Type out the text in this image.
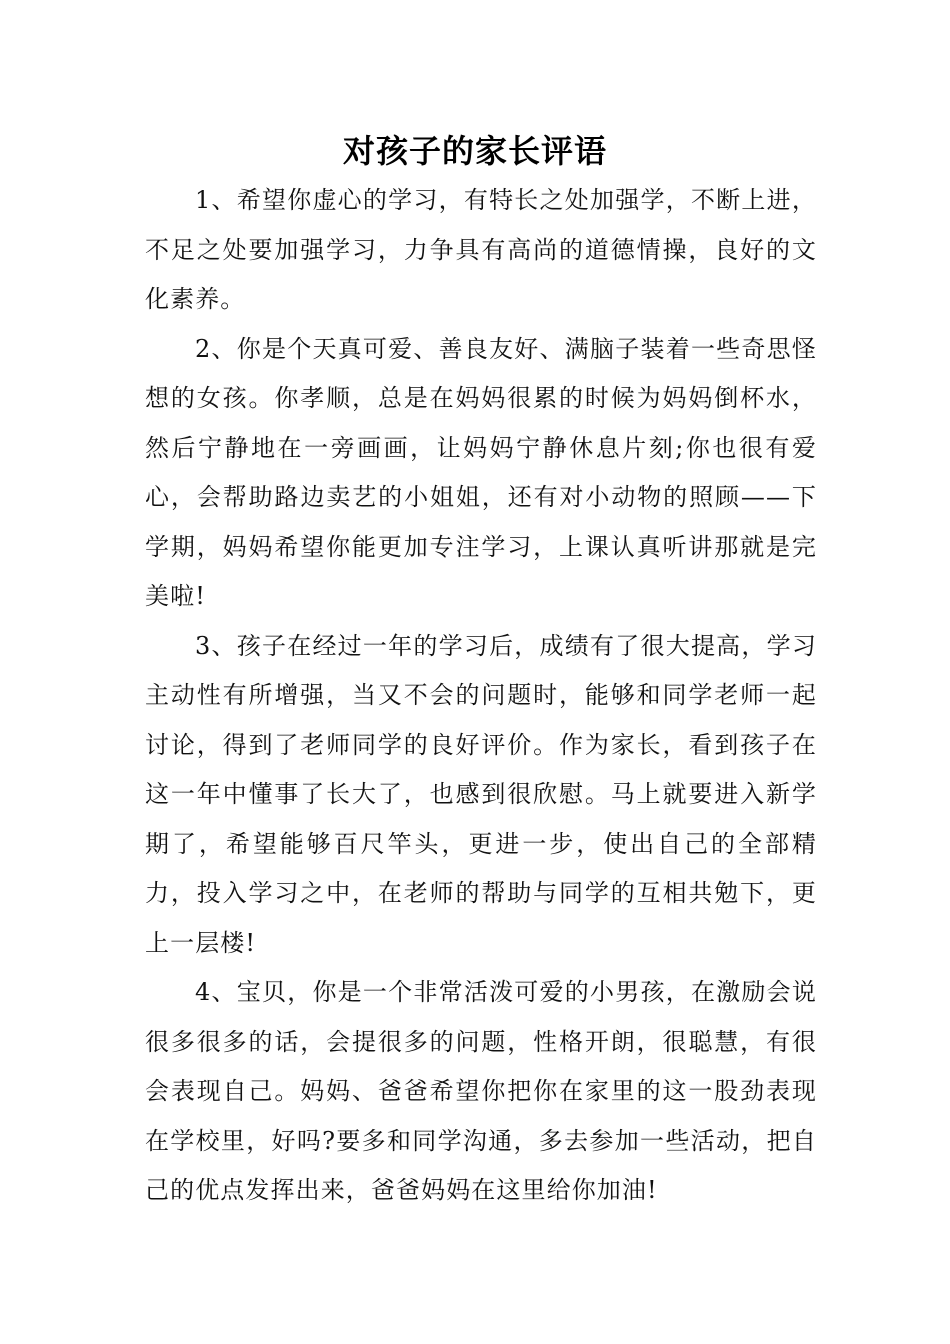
对孩子的家长评语

1、希望你虚心的学习，有特长之处加强学，不断上进，不足之处要加强学习，力争具有高尚的道德情操，良好的文化素养。

2、你是个天真可爱、善良友好、满脑子装着一些奇思怪想的女孩。你孝顺，总是在妈妈很累的时候为妈妈倒杯水，然后宁静地在一旁画画，让妈妈宁静休息片刻;你也很有爱心，会帮助路边卖艺的小姐姐，还有对小动物的照顾——下学期，妈妈希望你能更加专注学习，上课认真听讲那就是完美啦!

3、孩子在经过一年的学习后，成绩有了很大提高，学习主动性有所增强，当又不会的问题时，能够和同学老师一起讨论，得到了老师同学的良好评价。作为家长，看到孩子在这一年中懂事了长大了，也感到很欣慰。马上就要进入新学期了，希望能够百尺竿头，更进一步，使出自己的全部精力，投入学习之中，在老师的帮助与同学的互相共勉下，更上一层楼!

4、宝贝，你是一个非常活泼可爱的小男孩，在激励会说很多很多的话，会提很多的问题，性格开朗，很聪慧，有很会表现自己。妈妈、爸爸希望你把你在家里的这一股劲表现在学校里，好吗?要多和同学沟通，多去参加一些活动，把自己的优点发挥出来，爸爸妈妈在这里给你加油!
